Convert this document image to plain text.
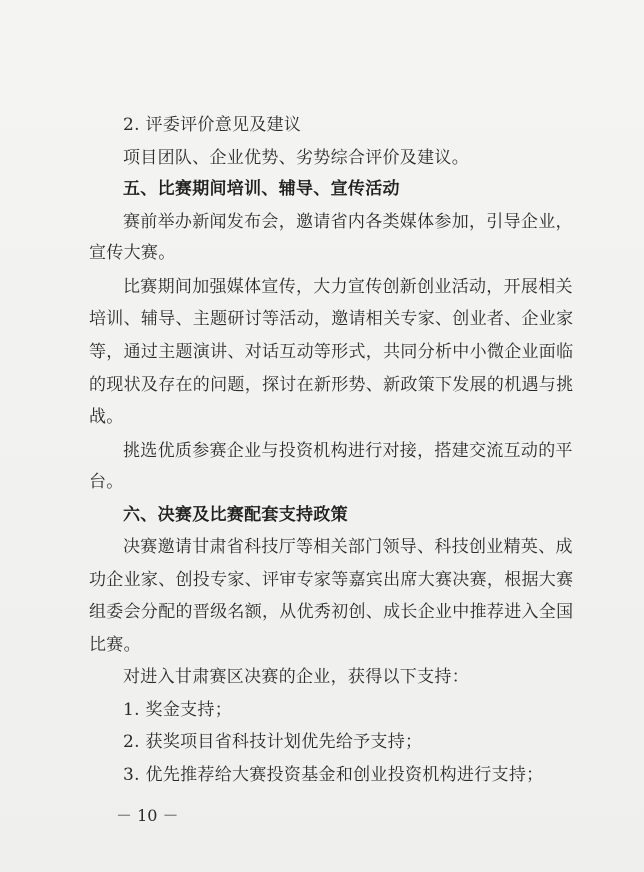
2. 评委评价意见及建议
项目团队、企业优势、劣势综合评价及建议。
五、比赛期间培训、辅导、宣传活动
赛前举办新闻发布会，邀请省内各类媒体参加，引导企业，
宣传大赛。
比赛期间加强媒体宣传，大力宣传创新创业活动，开展相关
培训、辅导、主题研讨等活动，邀请相关专家、创业者、企业家
等，通过主题演讲、对话互动等形式，共同分析中小微企业面临
的现状及存在的问题，探讨在新形势、新政策下发展的机遇与挑
战。
挑选优质参赛企业与投资机构进行对接，搭建交流互动的平
台。
六、决赛及比赛配套支持政策
决赛邀请甘肃省科技厅等相关部门领导、科技创业精英、成
功企业家、创投专家、评审专家等嘉宾出席大赛决赛，根据大赛
组委会分配的晋级名额，从优秀初创、成长企业中推荐进入全国
比赛。
对进入甘肃赛区决赛的企业，获得以下支持：
1. 奖金支持；
2. 获奖项目省科技计划优先给予支持；
3. 优先推荐给大赛投资基金和创业投资机构进行支持；
－ 10 －
